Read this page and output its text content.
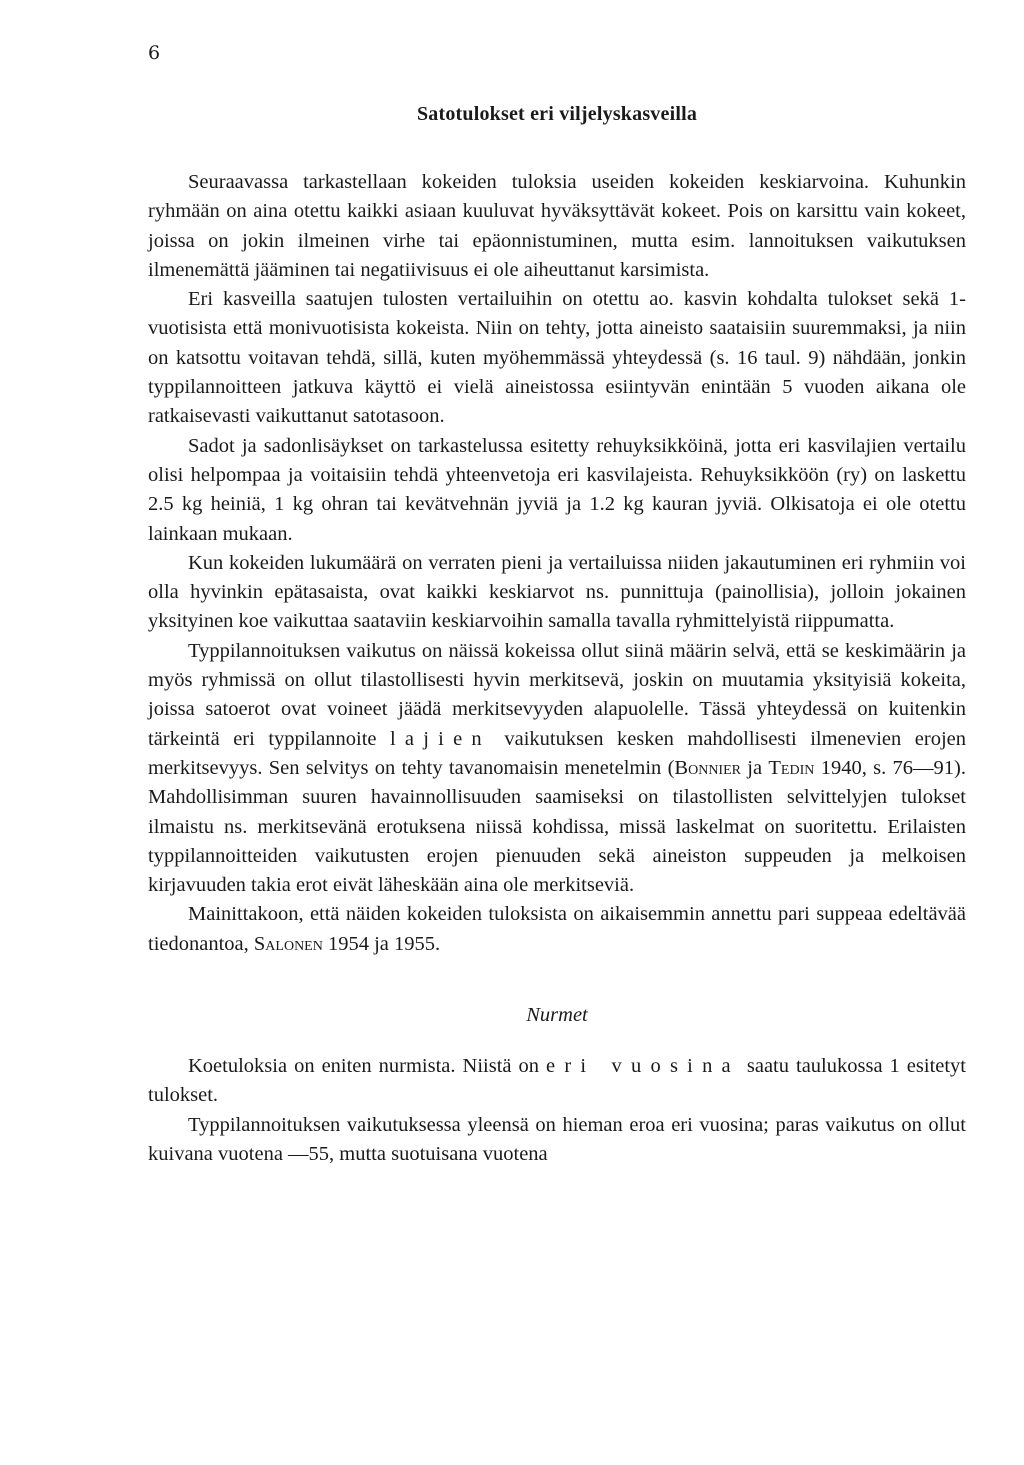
6
Satotulokset eri viljelyskasveilla

Seuraavassa tarkastellaan kokeiden tuloksia useiden kokeiden keskiarvoina. Kuhunkin ryhmään on aina otettu kaikki asiaan kuuluvat hyväksyttävät kokeet. Pois on karsittu vain kokeet, joissa on jokin ilmeinen virhe tai epäonnistuminen, mutta esim. lannoituksen vaikutuksen ilmenemättä jääminen tai negatiivisuus ei ole aiheuttanut karsimista.

Eri kasveilla saatujen tulosten vertailuihin on otettu ao. kasvin kohdalta tulokset sekä 1-vuotisista että monivuotisista kokeista. Niin on tehty, jotta aineisto saataisiin suuremmaksi, ja niin on katsottu voitavan tehdä, sillä, kuten myöhemmässä yhteydessä (s. 16 taul. 9) nähdään, jonkin typpilannoitteen jatkuva käyttö ei vielä aineistossa esiintyvän enintään 5 vuoden aikana ole ratkaisevasti vaikuttanut satotasoon.

Sadot ja sadonlisäykset on tarkastelussa esitetty rehuyksikköinä, jotta eri kasvilajien vertailu olisi helpompaa ja voitaisiin tehdä yhteenvetoja eri kasvilajeista. Rehuyksikköön (ry) on laskettu 2.5 kg heiniä, 1 kg ohran tai kevätvehnän jyviä ja 1.2 kg kauran jyviä. Olkisatoja ei ole otettu lainkaan mukaan.

Kun kokeiden lukumäärä on verraten pieni ja vertailuissa niiden jakautuminen eri ryhmiin voi olla hyvinkin epätasaista, ovat kaikki keskiarvot ns. punnittuja (painollisia), jolloin jokainen yksityinen koe vaikuttaa saataviin keskiarvoihin samalla tavalla ryhmittelyistä riippumatta.

Typpilannoituksen vaikutus on näissä kokeissa ollut siinä määrin selvä, että se keskimäärin ja myös ryhmissä on ollut tilastollisesti hyvin merkitsevä, joskin on muutamia yksityisiä kokeita, joissa satoerot ovat voineet jäädä merkitsevyyden alapuolelle. Tässä yhteydessä on kuitenkin tärkeintä eri typpilannoite lajien vaikutuksen kesken mahdollisesti ilmenevien erojen merkitsevyys. Sen selvitys on tehty tavanomaisin menetelmin (Bonnier ja Tedin 1940, s. 76—91). Mahdollisimman suuren havainnollisuuden saamiseksi on tilastollisten selvittelyjen tulokset ilmaistu ns. merkitsevänä erotuksena niissä kohdissa, missä laskelmat on suoritettu. Erilaisten typpilannoitteiden vaikutusten erojen pienuuden sekä aineiston suppeuden ja melkoisen kirjavuuden takia erot eivät läheskään aina ole merkitseviä.

Mainittakoon, että näiden kokeiden tuloksista on aikaisemmin annettu pari suppeaa edeltävää tiedonantoa, Salonen 1954 ja 1955.

Nurmet

Koetuloksia on eniten nurmista. Niistä on eri vuosina saatu taulukossa 1 esitetyt tulokset.

Typpilannoituksen vaikutuksessa yleensä on hieman eroa eri vuosina; paras vaikutus on ollut kuivana vuotena —55, mutta suotuisana vuotena
